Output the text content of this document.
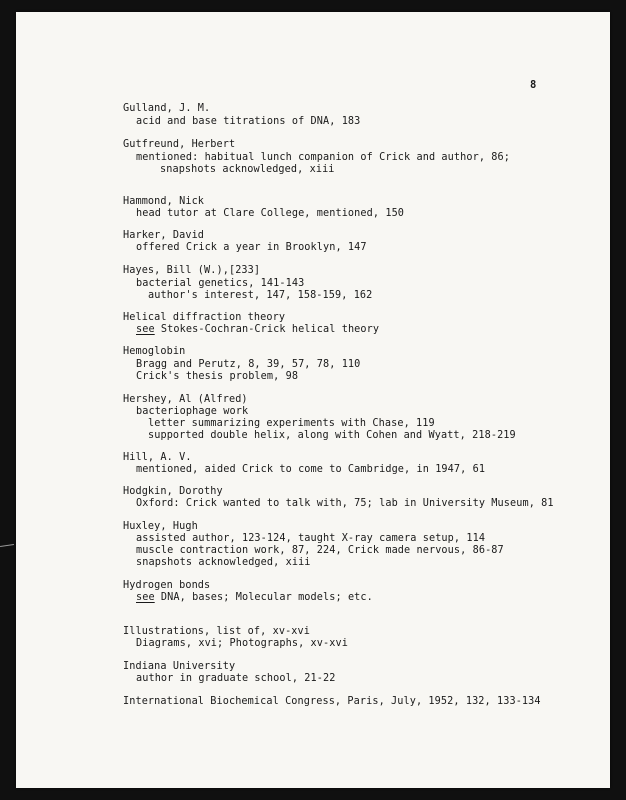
8
Gulland, J. M.
acid and base titrations of DNA, 183
Gutfreund, Herbert
mentioned: habitual lunch companion of Crick and author, 86;
snapshots acknowledged, xiii
Hammond, Nick
head tutor at Clare College, mentioned, 150
Harker, David
offered Crick a year in Brooklyn, 147
Hayes, Bill (W.),[233]
bacterial genetics, 141-143
author's interest, 147, 158-159, 162
Helical diffraction theory
see Stokes-Cochran-Crick helical theory
Hemoglobin
Bragg and Perutz, 8, 39, 57, 78, 110
Crick's thesis problem, 98
Hershey, Al (Alfred)
bacteriophage work
letter summarizing experiments with Chase, 119
supported double helix, along with Cohen and Wyatt, 218-219
Hill, A. V.
mentioned, aided Crick to come to Cambridge, in 1947, 61
Hodgkin, Dorothy
Oxford: Crick wanted to talk with, 75; lab in University Museum, 81
Huxley, Hugh
assisted author, 123-124, taught X-ray camera setup, 114
muscle contraction work, 87, 224, Crick made nervous, 86-87
snapshots acknowledged, xiii
Hydrogen bonds
see DNA, bases; Molecular models; etc.
Illustrations, list of, xv-xvi
Diagrams, xvi; Photographs, xv-xvi
Indiana University
author in graduate school, 21-22
International Biochemical Congress, Paris, July, 1952, 132, 133-134
